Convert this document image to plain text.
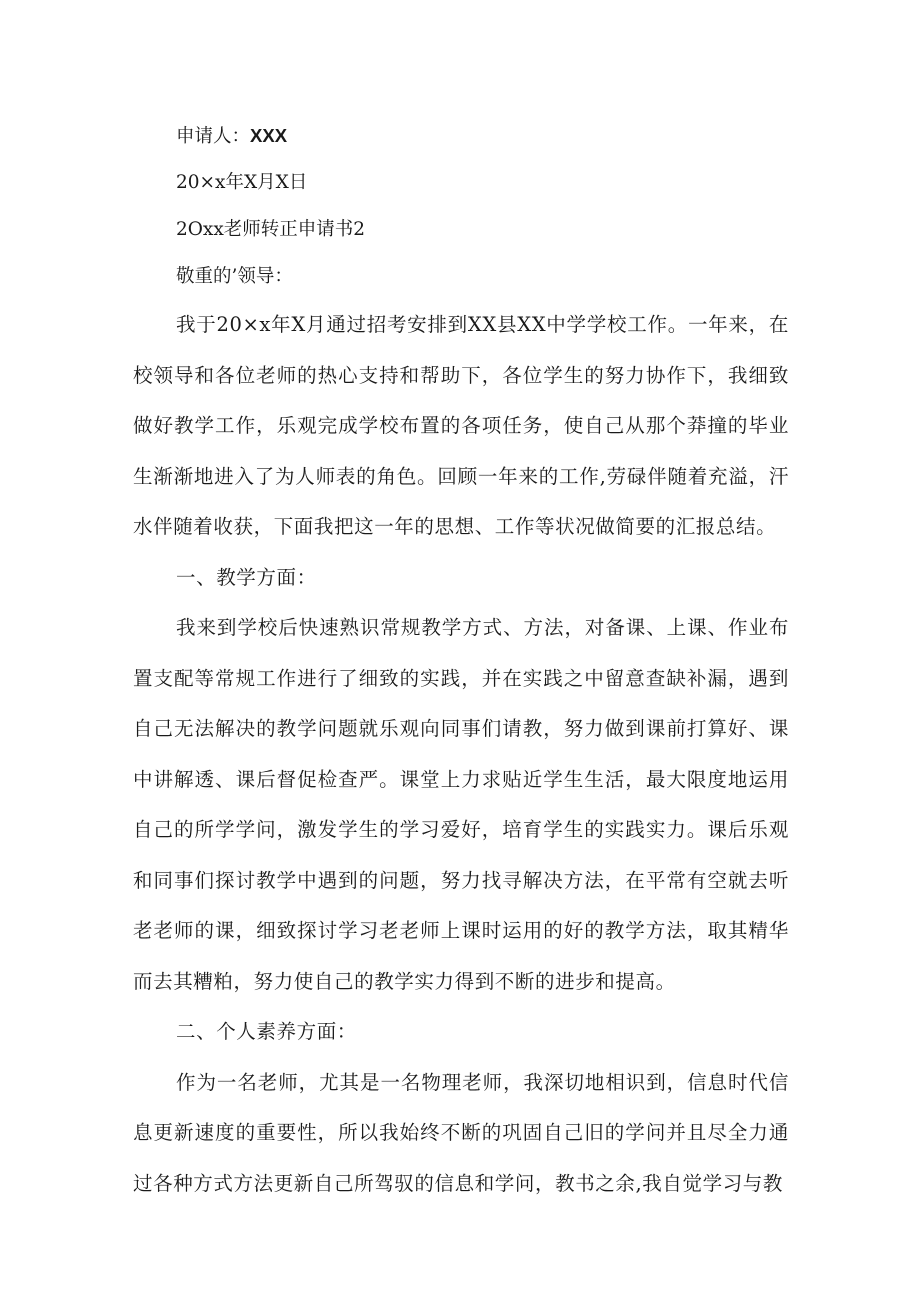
申请人：XXX
20×x年X月X日
2Oxx老师转正申请书2
敬重的’领导：

我于20×x年X月通过招考安排到XX县XX中学学校工作。一年来，在校领导和各位老师的热心支持和帮助下，各位学生的努力协作下，我细致做好教学工作，乐观完成学校布置的各项任务，使自己从那个莽撞的毕业生渐渐地进入了为人师表的角色。回顾一年来的工作,劳碌伴随着充溢，汗水伴随着收获，下面我把这一年的思想、工作等状况做简要的汇报总结。

一、教学方面：

我来到学校后快速熟识常规教学方式、方法，对备课、上课、作业布置支配等常规工作进行了细致的实践，并在实践之中留意查缺补漏，遇到自己无法解决的教学问题就乐观向同事们请教，努力做到课前打算好、课中讲解透、课后督促检查严。课堂上力求贴近学生生活，最大限度地运用自己的所学学问，激发学生的学习爱好，培育学生的实践实力。课后乐观和同事们探讨教学中遇到的问题，努力找寻解决方法，在平常有空就去听老老师的课，细致探讨学习老老师上课时运用的好的教学方法，取其精华而去其糟粕，努力使自己的教学实力得到不断的进步和提高。

二、个人素养方面：

作为一名老师，尤其是一名物理老师，我深切地相识到，信息时代信息更新速度的重要性，所以我始终不断的巩固自己旧的学问并且尽全力通过各种方式方法更新自己所驾驭的信息和学问，教书之余,我自觉学习与教
